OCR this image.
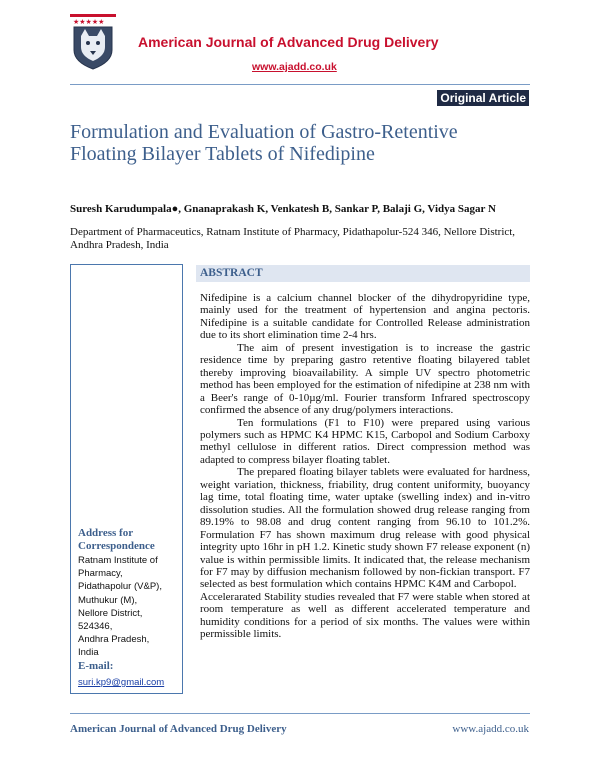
★★★★★
American Journal of Advanced Drug Delivery
www.ajadd.co.uk
Original Article
Formulation and Evaluation of Gastro-Retentive Floating Bilayer Tablets of Nifedipine
Suresh Karudumpala●, Gnanaprakash K, Venkatesh B, Sankar P, Balaji G, Vidya Sagar N
Department of Pharmaceutics, Ratnam Institute of Pharmacy, Pidathapolur-524 346, Nellore District, Andhra Pradesh, India
Address for
Correspondence
Ratnam Institute of
Pharmacy,
Pidathapolur (V&P),
Muthukur (M),
Nellore District,
524346,
Andhra Pradesh,
India
E-mail:
suri.kp9@gmail.com
ABSTRACT

Nifedipine is a calcium channel blocker of the dihydropyridine type, mainly used for the treatment of hypertension and angina pectoris. Nifedipine is a suitable candidate for Controlled Release administration due to its short elimination time 2-4 hrs.

The aim of present investigation is to increase the gastric residence time by preparing gastro retentive floating bilayered tablet thereby improving bioavailability. A simple UV spectro photometric method has been employed for the estimation of nifedipine at 238 nm with a Beer's range of 0-10µg/ml. Fourier transform Infrared spectroscopy confirmed the absence of any drug/polymers interactions.

Ten formulations (F1 to F10) were prepared using various polymers such as HPMC K4 HPMC K15, Carbopol and Sodium Carboxy methyl cellulose in different ratios. Direct compression method was adapted to compress bilayer floating tablet.

The prepared floating bilayer tablets were evaluated for hardness, weight variation, thickness, friability, drug content uniformity, buoyancy lag time, total floating time, water uptake (swelling index) and in-vitro dissolution studies. All the formulation showed drug release ranging from 89.19% to 98.08 and drug content ranging from 96.10 to 101.2%. Formulation F7 has shown maximum drug release with good physical integrity upto 16hr in pH 1.2. Kinetic study shown F7 release exponent (n) value is within permissible limits. It indicated that, the release mechanism for F7 may by diffusion mechanism followed by non-fickian transport. F7 selected as best formulation which contains HPMC K4M and Carbopol.

Accelerarated Stability studies revealed that F7 were stable when stored at room temperature as well as different accelerated temperature and humidity conditions for a period of six months. The values were within permissible limits.

American Journal of Advanced Drug Delivery	www.ajadd.co.uk
